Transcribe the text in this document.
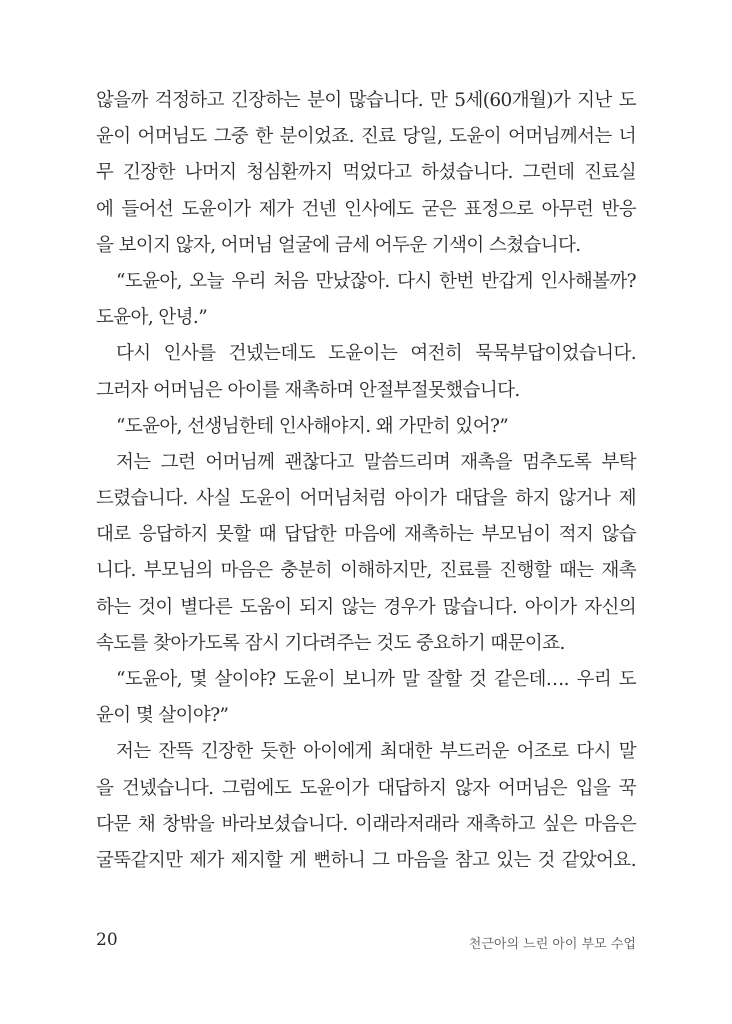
않을까 걱정하고 긴장하는 분이 많습니다. 만 5세(60개월)가 지난 도
윤이 어머님도 그중 한 분이었죠. 진료 당일, 도윤이 어머님께서는 너
무 긴장한 나머지 청심환까지 먹었다고 하셨습니다. 그런데 진료실
에 들어선 도윤이가 제가 건넨 인사에도 굳은 표정으로 아무런 반응
을 보이지 않자, 어머님 얼굴에 금세 어두운 기색이 스쳤습니다.
“도윤아, 오늘 우리 처음 만났잖아. 다시 한번 반갑게 인사해볼까?
도윤아, 안녕.”
다시 인사를 건넸는데도 도윤이는 여전히 묵묵부답이었습니다.
그러자 어머님은 아이를 재촉하며 안절부절못했습니다.
“도윤아, 선생님한테 인사해야지. 왜 가만히 있어?”
저는 그런 어머님께 괜찮다고 말씀드리며 재촉을 멈추도록 부탁
드렸습니다. 사실 도윤이 어머님처럼 아이가 대답을 하지 않거나 제
대로 응답하지 못할 때 답답한 마음에 재촉하는 부모님이 적지 않습
니다. 부모님의 마음은 충분히 이해하지만, 진료를 진행할 때는 재촉
하는 것이 별다른 도움이 되지 않는 경우가 많습니다. 아이가 자신의
속도를 찾아가도록 잠시 기다려주는 것도 중요하기 때문이죠.
“도윤아, 몇 살이야? 도윤이 보니까 말 잘할 것 같은데…. 우리 도
윤이 몇 살이야?”
저는 잔뜩 긴장한 듯한 아이에게 최대한 부드러운 어조로 다시 말
을 건넸습니다. 그럼에도 도윤이가 대답하지 않자 어머님은 입을 꾹
다문 채 창밖을 바라보셨습니다. 이래라저래라 재촉하고 싶은 마음은
굴뚝같지만 제가 제지할 게 뻔하니 그 마음을 참고 있는 것 같았어요.
20	천근아의 느린 아이 부모 수업
